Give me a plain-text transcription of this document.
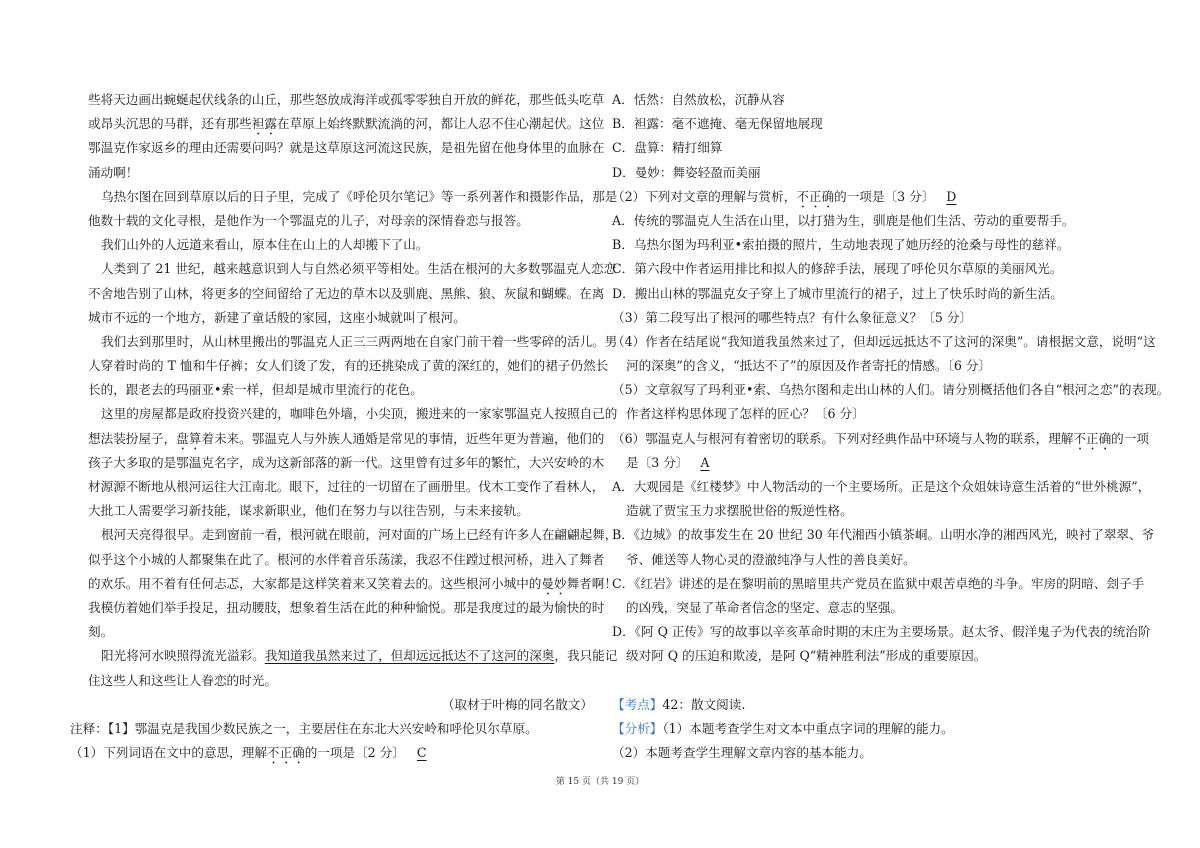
些将天边画出蜿蜒起伏线条的山丘，那些怒放成海洋或孤零零独自开放的鲜花，那些低头吃草
或昂头沉思的马群，还有那些袒露在草原上始终默默流淌的河，都让人忍不住心潮起伏。这位
鄂温克作家返乡的理由还需要问吗？就是这草原这河流这民族，是祖先留在他身体里的血脉在
涌动啊！
乌热尔图在回到草原以后的日子里，完成了《呼伦贝尔笔记》等一系列著作和摄影作品，那是
他数十载的文化寻根，是他作为一个鄂温克的儿子，对母亲的深情眷恋与报答。
我们山外的人远道来看山，原本住在山上的人却搬下了山。
人类到了 21 世纪，越来越意识到人与自然必须平等相处。生活在根河的大多数鄂温克人恋恋
不舍地告别了山林，将更多的空间留给了无边的草木以及驯鹿、黑熊、狼、灰鼠和蝴蝶。在离
城市不远的一个地方，新建了童话般的家园，这座小城就叫了根河。
我们去到那里时，从山林里搬出的鄂温克人正三三两两地在自家门前干着一些零碎的活儿。男
人穿着时尚的 T 恤和牛仔裤；女人们烫了发，有的还挑染成了黄的深红的，她们的裙子仍然长
长的，跟老去的玛丽亚•索一样，但却是城市里流行的花色。
这里的房屋都是政府投资兴建的，咖啡色外墙，小尖顶，搬进来的一家家鄂温克人按照自己的
想法装扮屋子，盘算着未来。鄂温克人与外族人通婚是常见的事情，近些年更为普遍，他们的
孩子大多取的是鄂温克名字，成为这新部落的新一代。这里曾有过多年的繁忙，大兴安岭的木
材源源不断地从根河运往大江南北。眼下，过往的一切留在了画册里。伐木工变作了看林人，
大批工人需要学习新技能，谋求新职业，他们在努力与以往告别，与未来接轨。
根河天亮得很早。走到窗前一看，根河就在眼前，河对面的广场上已经有许多人在翩翩起舞，
似乎这个小城的人都聚集在此了。根河的水伴着音乐荡漾，我忍不住蹚过根河桥，进入了舞者
的欢乐。用不着有任何忐忑，大家都是这样笑着来又笑着去的。这些根河小城中的曼妙舞者啊！
我模仿着她们举手投足，扭动腰肢，想象着生活在此的种种愉悦。那是我度过的最为愉快的时
刻。
阳光将河水映照得流光溢彩。我知道我虽然来过了，但却远远抵达不了这河的深奥，我只能记
住这些人和这些让人眷恋的时光。
（取材于叶梅的同名散文）
注释：【1】鄂温克是我国少数民族之一，主要居住在东北大兴安岭和呼伦贝尔草原。
（1）下列词语在文中的意思，理解不正确的一项是〔2 分〕 C
A．恬然：自然放松，沉静从容
B．袒露：毫不遮掩、毫无保留地展现
C．盘算：精打细算
D．曼妙：舞姿轻盈而美丽
（2）下列对文章的理解与赏析，不正确的一项是〔3 分〕 D
A．传统的鄂温克人生活在山里，以打猎为生，驯鹿是他们生活、劳动的重要帮手。
B．乌热尔图为玛利亚•索拍摄的照片，生动地表现了她历经的沧桑与母性的慈祥。
C．第六段中作者运用排比和拟人的修辞手法，展现了呼伦贝尔草原的美丽风光。
D．搬出山林的鄂温克女子穿上了城市里流行的裙子，过上了快乐时尚的新生活。
（3）第二段写出了根河的哪些特点？有什么象征意义？〔5 分〕
（4）作者在结尾说“我知道我虽然来过了，但却远远抵达不了这河的深奥”。请根据文意，说明“这
河的深奥”的含义，“抵达不了”的原因及作者寄托的情感。〔6 分〕
（5）文章叙写了玛利亚•索、乌热尔图和走出山林的人们。请分别概括他们各自“根河之恋”的表现。
作者这样构思体现了怎样的匠心？〔6 分〕
（6）鄂温克人与根河有着密切的联系。下列对经典作品中环境与人物的联系，理解不正确的一项
是〔3 分〕 A
A．大观园是《红楼梦》中人物活动的一个主要场所。正是这个众姐妹诗意生活着的“世外桃源”，
造就了贾宝玉力求摆脱世俗的叛逆性格。
B．《边城》的故事发生在 20 世纪 30 年代湘西小镇茶峒。山明水净的湘西风光，映衬了翠翠、爷
爷、傩送等人物心灵的澄澈纯净与人性的善良美好。
C．《红岩》讲述的是在黎明前的黑暗里共产党员在监狱中艰苦卓绝的斗争。牢房的阴暗、刽子手
的凶残，突显了革命者信念的坚定、意志的坚强。
D．《阿 Q 正传》写的故事以辛亥革命时期的末庄为主要场景。赵太爷、假洋鬼子为代表的统治阶
级对阿 Q 的压迫和欺凌，是阿 Q“精神胜利法”形成的重要原因。
【考点】42：散文阅读.
【分析】（1）本题考查学生对文本中重点字词的理解的能力。
（2）本题考查学生理解文章内容的基本能力。
第 15 页（共 19 页）
